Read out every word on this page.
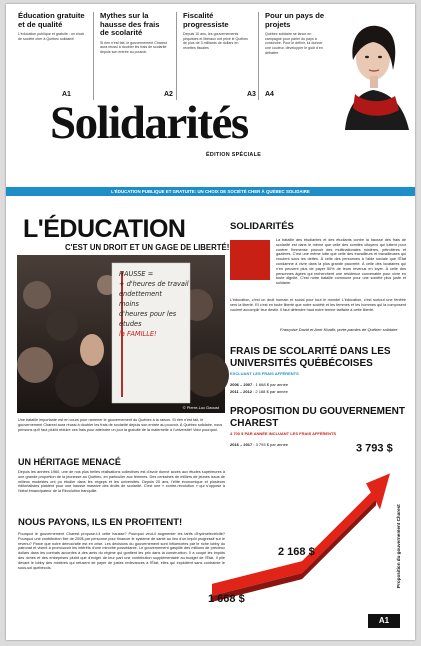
Éducation gratuite et de qualité

L'éducation publique et gratuite : un choix de société cher à Québec solidaire!

A1
Mythes sur la hausse des frais de scolarité

Si rien n'est fait, le gouvernement Charest aura réussi à doubler les frais de scolarité depuis son entrée au pouvoir.

A2
Fiscalité progressiste

Depuis 10 ans, les gouvernements péquistes et libéraux ont privé le Québec de plus de 3 milliards de dollars en recettes fiscales

A3
Pour un pays de projets

Québec solidaire se lance en campagne pour parler du pays à construire. Pour le définir, lui donner une couleur, développer le goût d'en débattre.

A4
Solidarités
ÉDITION SPÉCIALE
L'ÉDUCATION PUBLIQUE ET GRATUITE: UN CHOIX DE SOCIÉTÉ CHER À QUÉBEC SOLIDAIRE
L'ÉDUCATION
C'EST UN DROIT ET UN GAGE DE LIBERTÉ!
HAUSSE =
+ d'heures de travail
endettement
moins
d'heures pour les
études
la FAMILLE!
© Pierre-Luc Daoust
Une bataille importante est en cours pour ramener le gouvernement du Québec à la raison. Si rien n'est fait, le gouvernement Charest aura réussi à doubler les frais de scolarité depuis son entrée au pouvoir. À Québec solidaire, nous pensons qu'il faut plutôt réduire ces frais pour atteindre un jour la gratuité de la maternelle à l'université! Voici pourquoi.
UN HÉRITAGE MENACÉ
Depuis les années 1960, une de nos plus belles réalisations collectives est d'avoir donné accès aux études supérieures à une grande proportion de la jeunesse au Québec, en particulier aux femmes. Des centaines de milliers de jeunes issus de milieux modestes ont pu étudier dans les cégeps et les universités. Depuis 20 ans, l'élite économique et plusieurs éditorialistes plaident pour une hausse massive des droits de scolarité. C'est une « contre-révolution » qui s'oppose à l'idéal émancipateur de la Révolution tranquille.
NOUS PAYONS, ILS EN PROFITENT!
Pourquoi le gouvernement Charest propose-t-il cette hausse? Pourquoi veut-il augmenter les tarifs d'hydroélectricité? Pourquoi une contribution fixe de 200$ par personne pour financer le système de santé au lieu d'un impôt progressif sur le revenu? Parce que notre démocratie est en crise. Les décisions du gouvernement sont influencées par le riche lobby du patronat et visent à promouvoir les intérêts d'une minorité possédante. Le gouvernement gaspille des millions de précieux dollars dans les contrats accordés à des amis du régime qui gonflent les prix dans la construction. Il a coupé les impôts des riches et des entreprises plutôt que d'exiger de leur part une contribution supplémentaire au budget de l'État. Il plie devant le lobby des minières qui refusent de payer de justes redevances à l'État, elles qui exploitent sans contrainte le sous-sol québécois.
SOLIDARITÉS
La bataille des étudiantes et des étudiants contre la hausse des frais de scolarité est dans le même que celle des comités citoyens qui luttent pour contrer l'immense pouvoir des multinationales minières, pétrolières et gazières. C'est une même lutte que celle des travailleurs et travailleuses qui croulent sous les dettes. À celle des personnes à l'aide sociale que l'État condamne à vivre dans la plus grande pauvreté. À celle des locataires qui n'en peuvent plus de payer 50% de leurs revenus en loyer. À celle des personnes âgées qui recherchent une résidence convenable pour vivre en toute dignité. C'est notre bataille commune pour une société plus juste et solidaire.
L'éducation, c'est un droit humain et social pour tout le monde! L'éducation, c'est surtout une fenêtre vers la liberté. Et c'est en toute liberté que notre société et les femmes et les hommes qui la composent voulent accomplir leur destin. Il faut défendre haut notre terrine tarifaire à cette liberté.
Françoise David et Amir Khadir, porte-paroles de Québec solidaire
FRAIS DE SCOLARITÉ DANS LES UNIVERSITÉS QUÉBÉCOISES
EXCLUANT LES FRAIS AFFÉRENTS
2006 – 2007 : 1 668 $ par année
2011 – 2012 : 2 168 $ par année
PROPOSITION DU GOUVERNEMENT CHAREST
4 700 $ PAR ANNÉE INCLUANT LES FRAIS AFFÉRENTS
2016 – 2017 : 3 793 $ par année
1 668 $
2 168 $
3 793 $
Proposition du gouvernement Charest
A1
